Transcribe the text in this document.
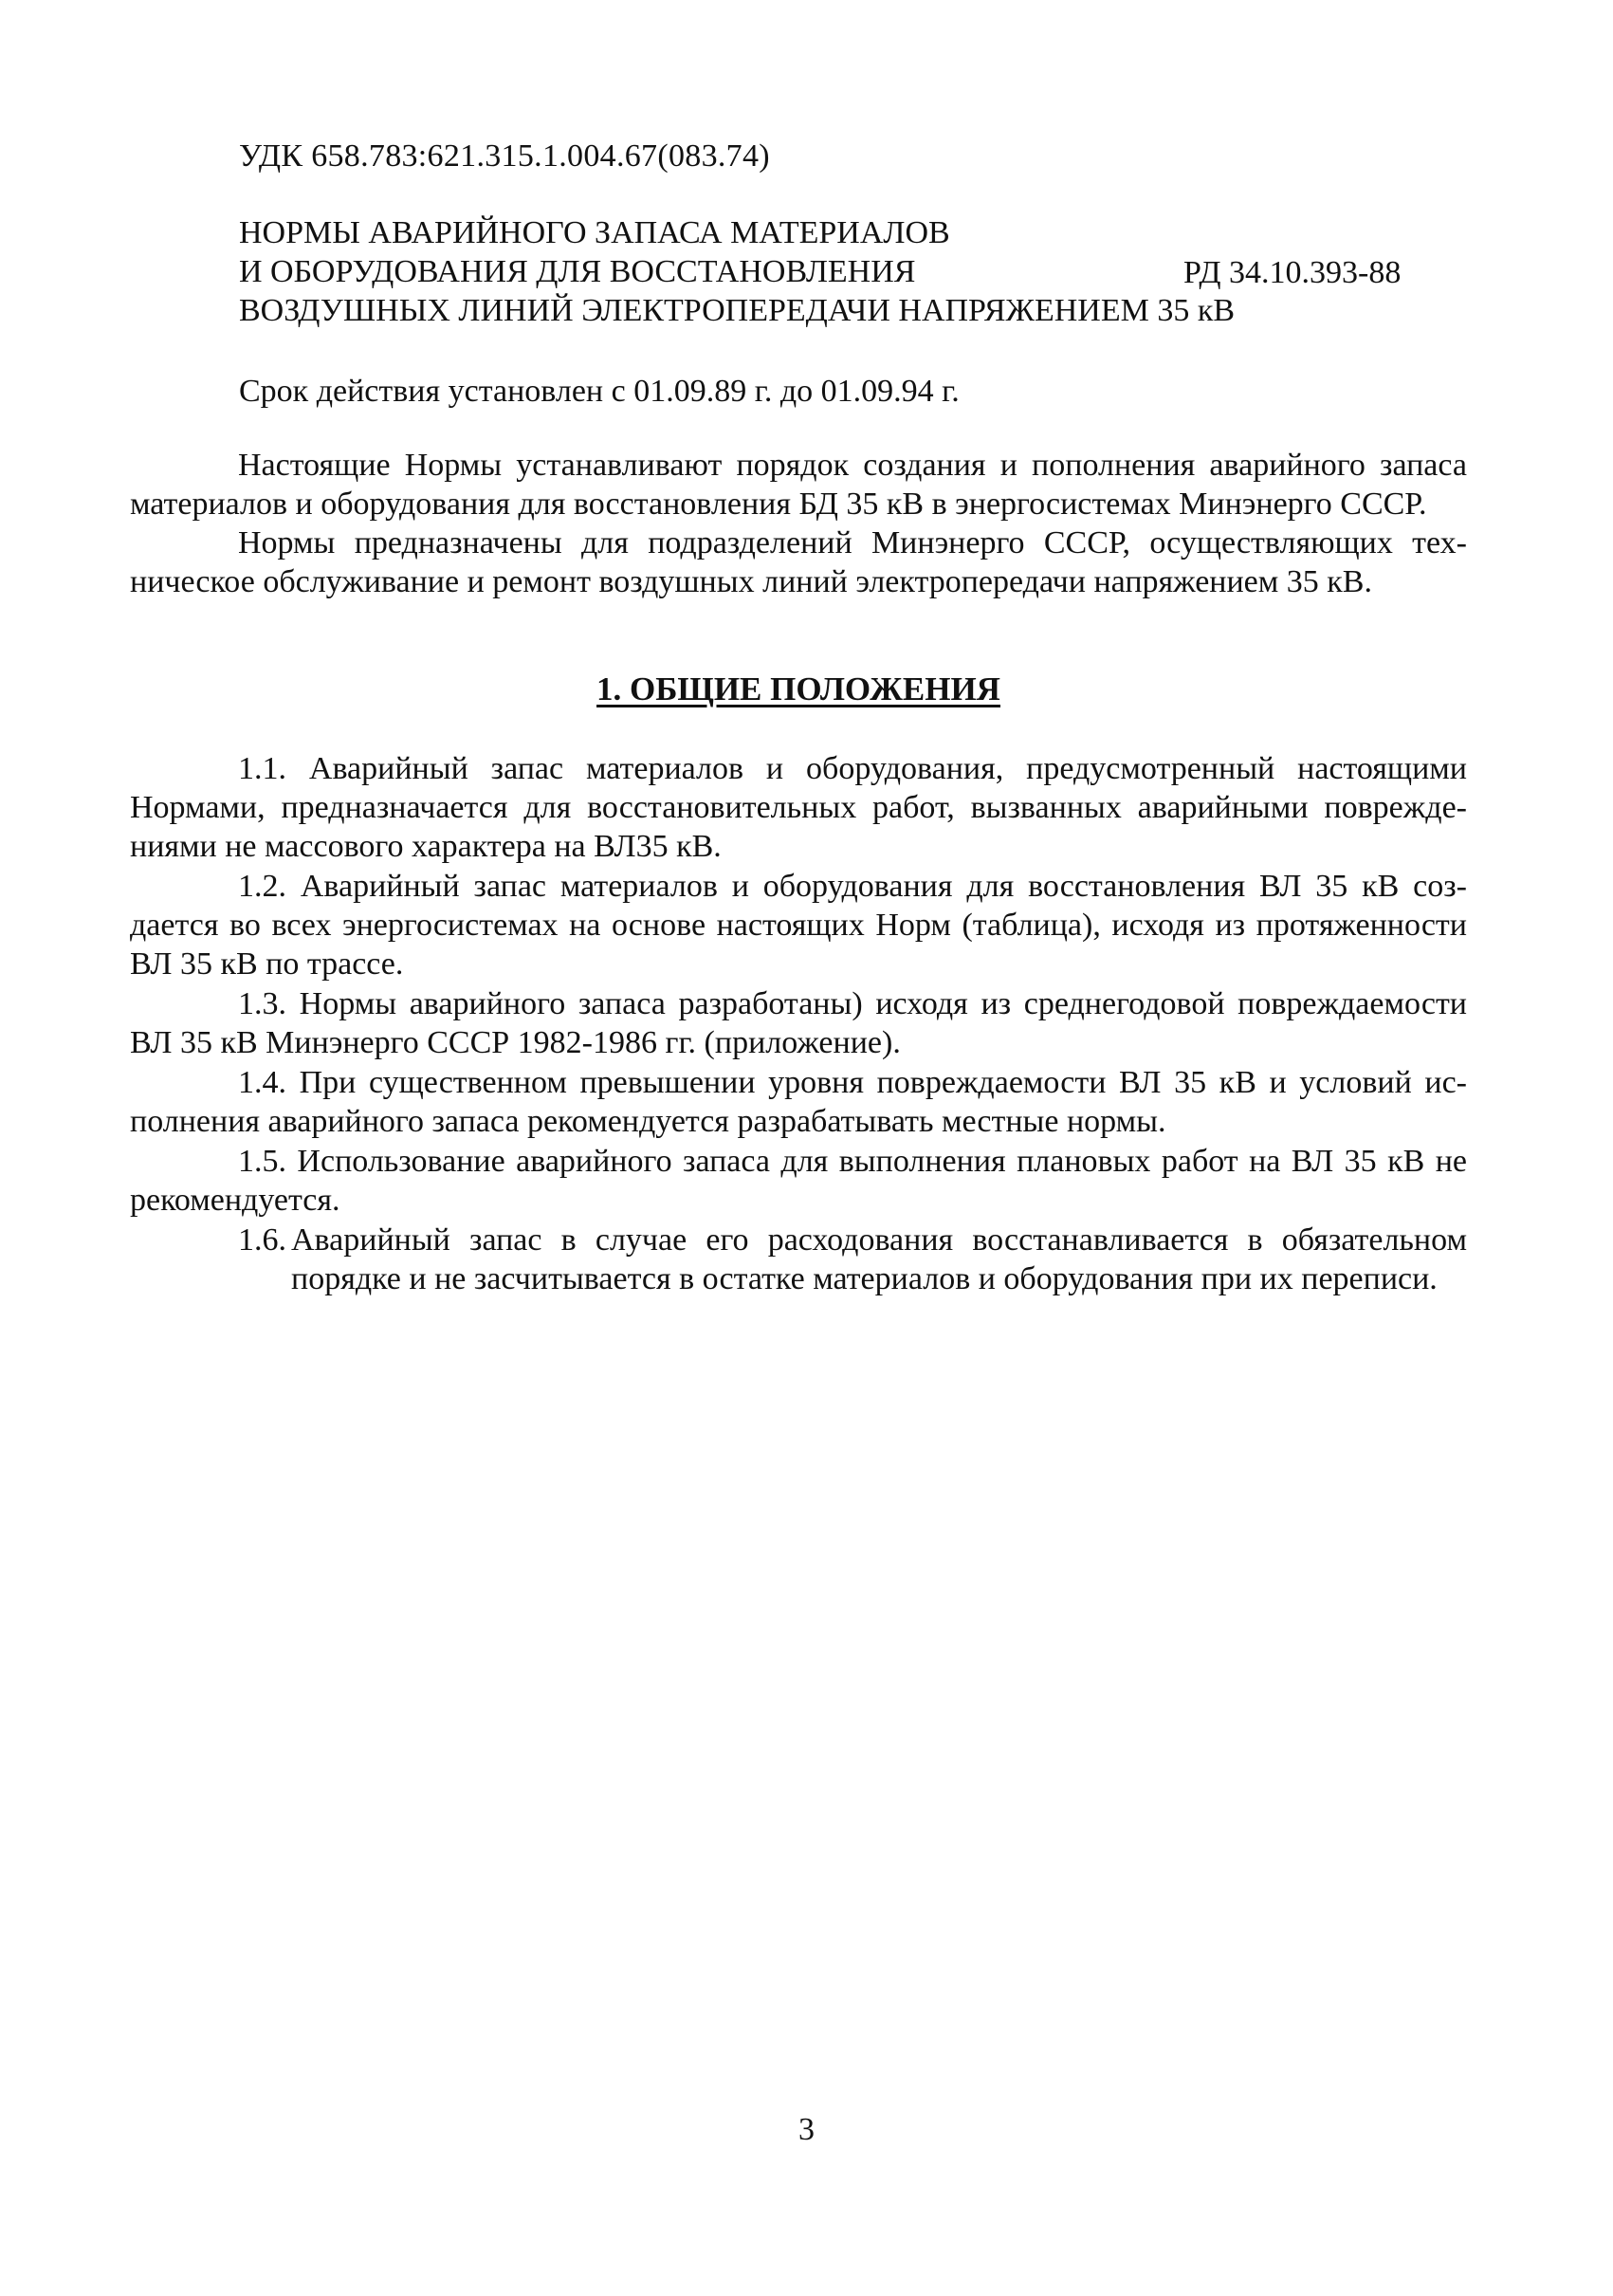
УДК 658.783:621.315.1.004.67(083.74)
НОРМЫ АВАРИЙНОГО ЗАПАСА МАТЕРИАЛОВ
И ОБОРУДОВАНИЯ ДЛЯ ВОССТАНОВЛЕНИЯ
ВОЗДУШНЫХ ЛИНИЙ ЭЛЕКТРОПЕРЕДАЧИ НАПРЯЖЕНИЕМ 35 кВ
РД 34.10.393-88
Срок действия установлен с 01.09.89 г. до 01.09.94 г.

Настоящие Нормы устанавливают порядок создания и пополнения аварийного запаса материалов и оборудования для восстановления БД 35 кВ в энергосистемах Минэнерго СССР.

Нормы предназначены для подразделений Минэнерго СССР, осуществляющих техническое обслуживание и ремонт воздушных линий электропередачи напряжением 35 кВ.

1. ОБЩИЕ ПОЛОЖЕНИЯ

1.1. Аварийный запас материалов и оборудования, предусмотренный настоящими Нормами, предназначается для восстановительных работ, вызванных аварийными повреждениями не массового характера на ВЛ35 кВ.

1.2. Аварийный запас материалов и оборудования для восстановления ВЛ 35 кВ создается во всех энергосистемах на основе настоящих Норм (таблица), исходя из протяженности ВЛ 35 кВ по трассе.

1.3. Нормы аварийного запаса разработаны) исходя из среднегодовой повреждаемости ВЛ 35 кВ Минэнерго СССР 1982-1986 гг. (приложение).

1.4. При существенном превышении уровня повреждаемости ВЛ 35 кВ и условий исполнения аварийного запаса рекомендуется разрабатывать местные нормы.

1.5. Использование аварийного запаса для выполнения плановых работ на ВЛ 35 кВ не рекомендуется.

1.6. Аварийный запас в случае его расходования восстанавливается в обязательном порядке и не засчитывается в остатке материалов и оборудования при их переписи.
3
